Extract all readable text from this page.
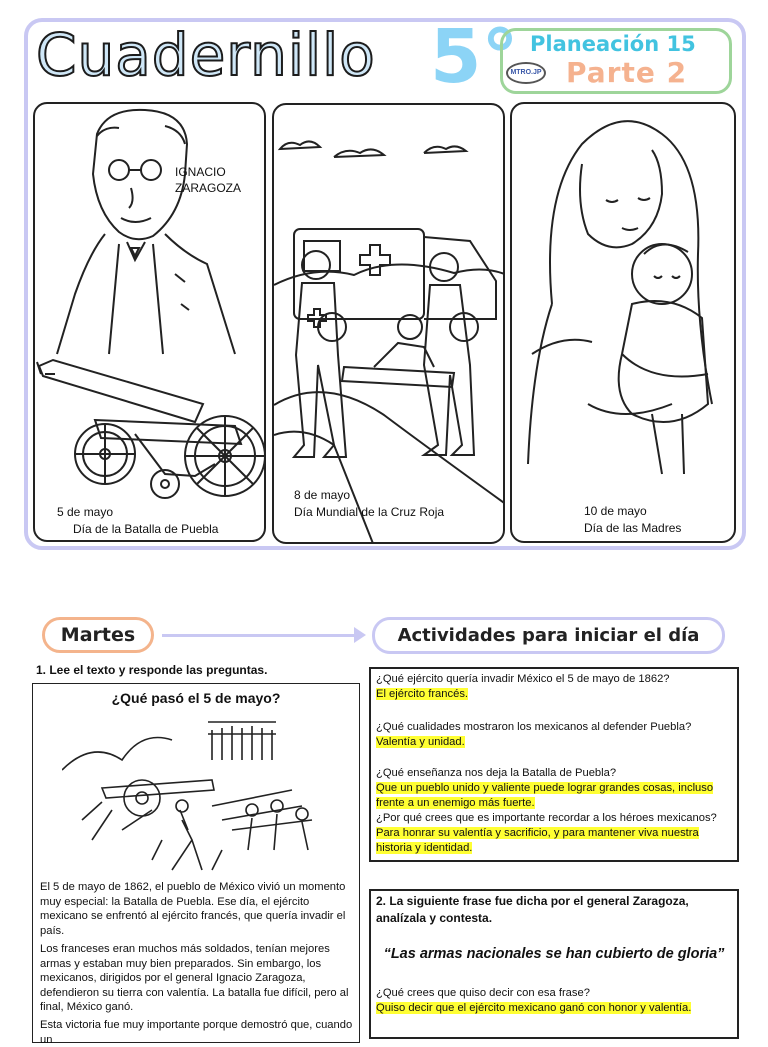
Cuadernillo 5° Planeación 15
Parte 2
MTRO.JP
IGNACIO
ZARAGOZA
5 de mayo
Día de la Batalla de Puebla
8 de mayo
Día Mundial de la Cruz Roja	10 de mayo
Día de las Madres
Martes	Actividades para iniciar el día
1. Lee el texto y responde las preguntas.
¿Qué pasó el 5 de mayo?
El 5 de mayo de 1862, el pueblo de México vivió un momento muy especial: la Batalla de Puebla. Ese día, el ejército mexicano se enfrentó al ejército francés, que quería invadir el país.
Los franceses eran muchos más soldados, tenían mejores armas y estaban muy bien preparados. Sin embargo, los mexicanos, dirigidos por el general Ignacio Zaragoza, defendieron su tierra con valentía. La batalla fue difícil, pero al final, México ganó.
Esta victoria fue muy importante porque demostró que, cuando un
¿Qué ejército quería invadir México el 5 de mayo de 1862?
El ejército francés.
¿Qué cualidades mostraron los mexicanos al defender Puebla?
Valentía y unidad.
¿Qué enseñanza nos deja la Batalla de Puebla?
Que un pueblo unido y valiente puede lograr grandes cosas, incluso frente a un enemigo más fuerte.
¿Por qué crees que es importante recordar a los héroes mexicanos?
Para honrar su valentía y sacrificio, y para mantener viva nuestra historia y identidad.
2. La siguiente frase fue dicha por el general Zaragoza, analízala y contesta.
“Las armas nacionales se han cubierto de gloria”
¿Qué crees que quiso decir con esa frase?
Quiso decir que el ejército mexicano ganó con honor y valentía.
